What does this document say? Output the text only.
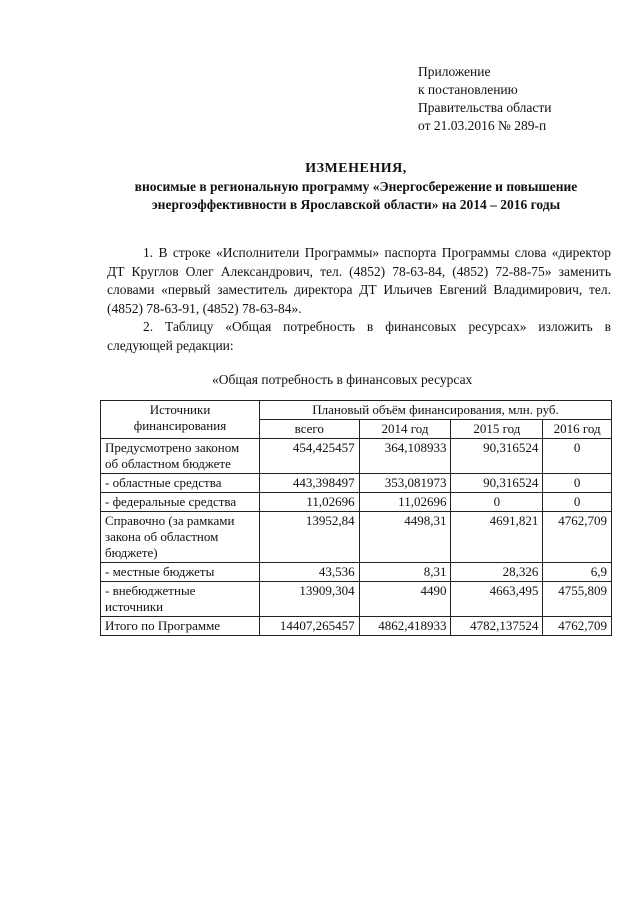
Приложение
к постановлению
Правительства области
от 21.03.2016 № 289-п
ИЗМЕНЕНИЯ,
вносимые в региональную программу «Энергосбережение и повышение
энергоэффективности в Ярославской области» на 2014 – 2016 годы

1. В строке «Исполнители Программы» паспорта Программы слова «директор ДТ Круглов Олег Александрович, тел. (4852) 78-63-84, (4852) 72-88-75» заменить словами «первый заместитель директора ДТ Ильичев Евгений Владимирович, тел. (4852) 78-63-91, (4852) 78-63-84».

2. Таблицу «Общая потребность в финансовых ресурсах» изложить в следующей редакции:

«Общая потребность в финансовых ресурсах
Источники финансирования	Плановый объём финансирования, млн. руб.			
	всего	2014 год	2015 год	2016 год
Предусмотрено законом об областном бюджете	454,425457	364,108933	90,316524	0
- областные средства	443,398497	353,081973	90,316524	0
- федеральные средства	11,02696	11,02696	0	0
Справочно (за рамками закона об областном бюджете)	13952,84	4498,31	4691,821	4762,709
- местные бюджеты	43,536	8,31	28,326	6,9
- внебюджетные источники	13909,304	4490	4663,495	4755,809
Итого по Программе	14407,265457	4862,418933	4782,137524	4762,709
